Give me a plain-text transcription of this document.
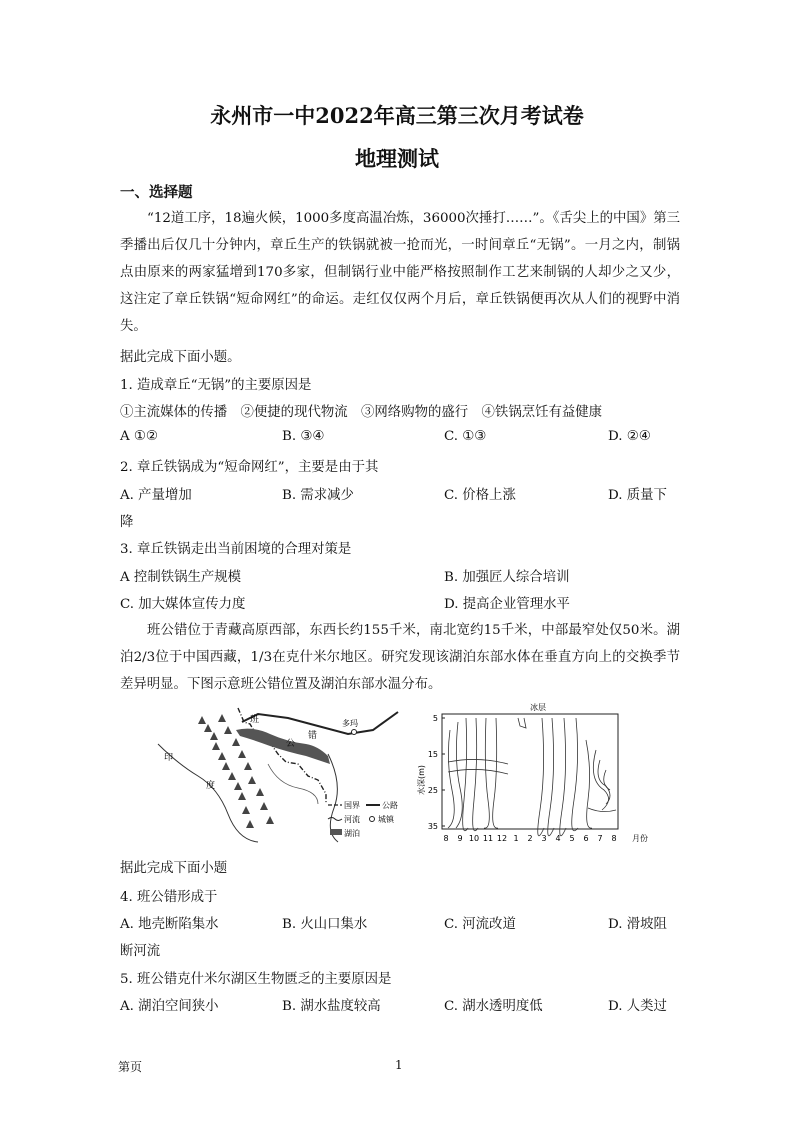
永州市一中2022年高三第三次月考试卷
地理测试
一、选择题

“12道工序，18遍火候，1000多度高温冶炼，36000次捶打……”。《舌尖上的中国》第三季播出后仅几十分钟内，章丘生产的铁锅就被一抢而光，一时间章丘“无锅”。一月之内，制锅点由原来的两家猛增到170多家，但制锅行业中能严格按照制作工艺来制锅的人却少之又少，这注定了章丘铁锅“短命网红”的命运。走红仅仅两个月后，章丘铁锅便再次从人们的视野中消失。

据此完成下面小题。
1. 造成章丘“无锅”的主要原因是
①主流媒体的传播　②便捷的现代物流　③网络购物的盛行　④铁锅烹饪有益健康
A ①②	B. ③④	C. ①③	D. ②④
2. 章丘铁锅成为“短命网红”，主要是由于其
A. 产量增加	B. 需求减少	C. 价格上涨	D. 质量下
降
3. 章丘铁锅走出当前困境的合理对策是
A 控制铁锅生产规模	B. 加强匠人综合培训
C. 加大媒体宣传力度	D. 提高企业管理水平

班公错位于青藏高原西部，东西长约155千米，南北宽约15千米，中部最窄处仅50米。湖泊2/3位于中国西藏，1/3在克什米尔地区。研究发现该湖泊东部水体在垂直方向上的交换季节差异明显。下图示意班公错位置及湖泊东部水温分布。

班
公
错
多玛
印
度
国界	公路
河流 城镇
湖泊
冰层
水深(m)
5
15
25
35
8 9 10 11 12 1 2 3 4 5 6 7 8 月份
据此完成下面小题
4. 班公错形成于
A. 地壳断陷集水	B. 火山口集水	C. 河流改道	D. 滑坡阻
断河流
5. 班公错克什米尔湖区生物匮乏的主要原因是
A. 湖泊空间狭小	B. 湖水盐度较高	C. 湖水透明度低	D. 人类过
第页	1
